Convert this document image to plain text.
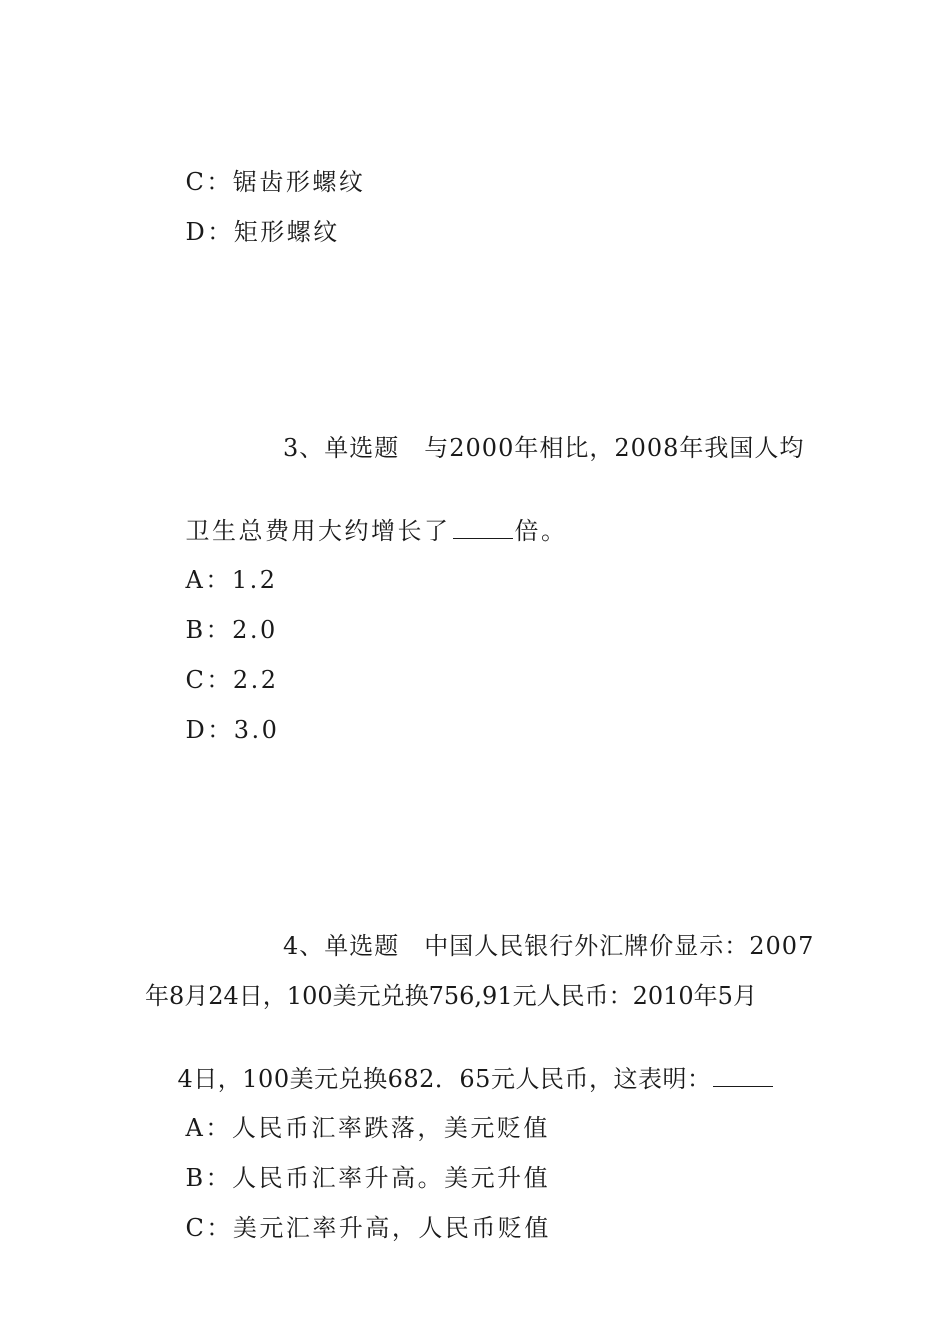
C：锯齿形螺纹

D：矩形螺纹

3、单选题　与2000年相比，2008年我国人均

卫生总费用大约增长了	倍。

A：1.2

B：2.0

C：2.2

D：3.0

4、单选题　中国人民银行外汇牌价显示：2007
年8月24日，100美元兑换756,91元人民币：2010年5月

4日，100美元兑换682．65元人民币，这表明：

A：人民币汇率跌落，美元贬值

B：人民币汇率升高。美元升值

C：美元汇率升高，人民币贬值
